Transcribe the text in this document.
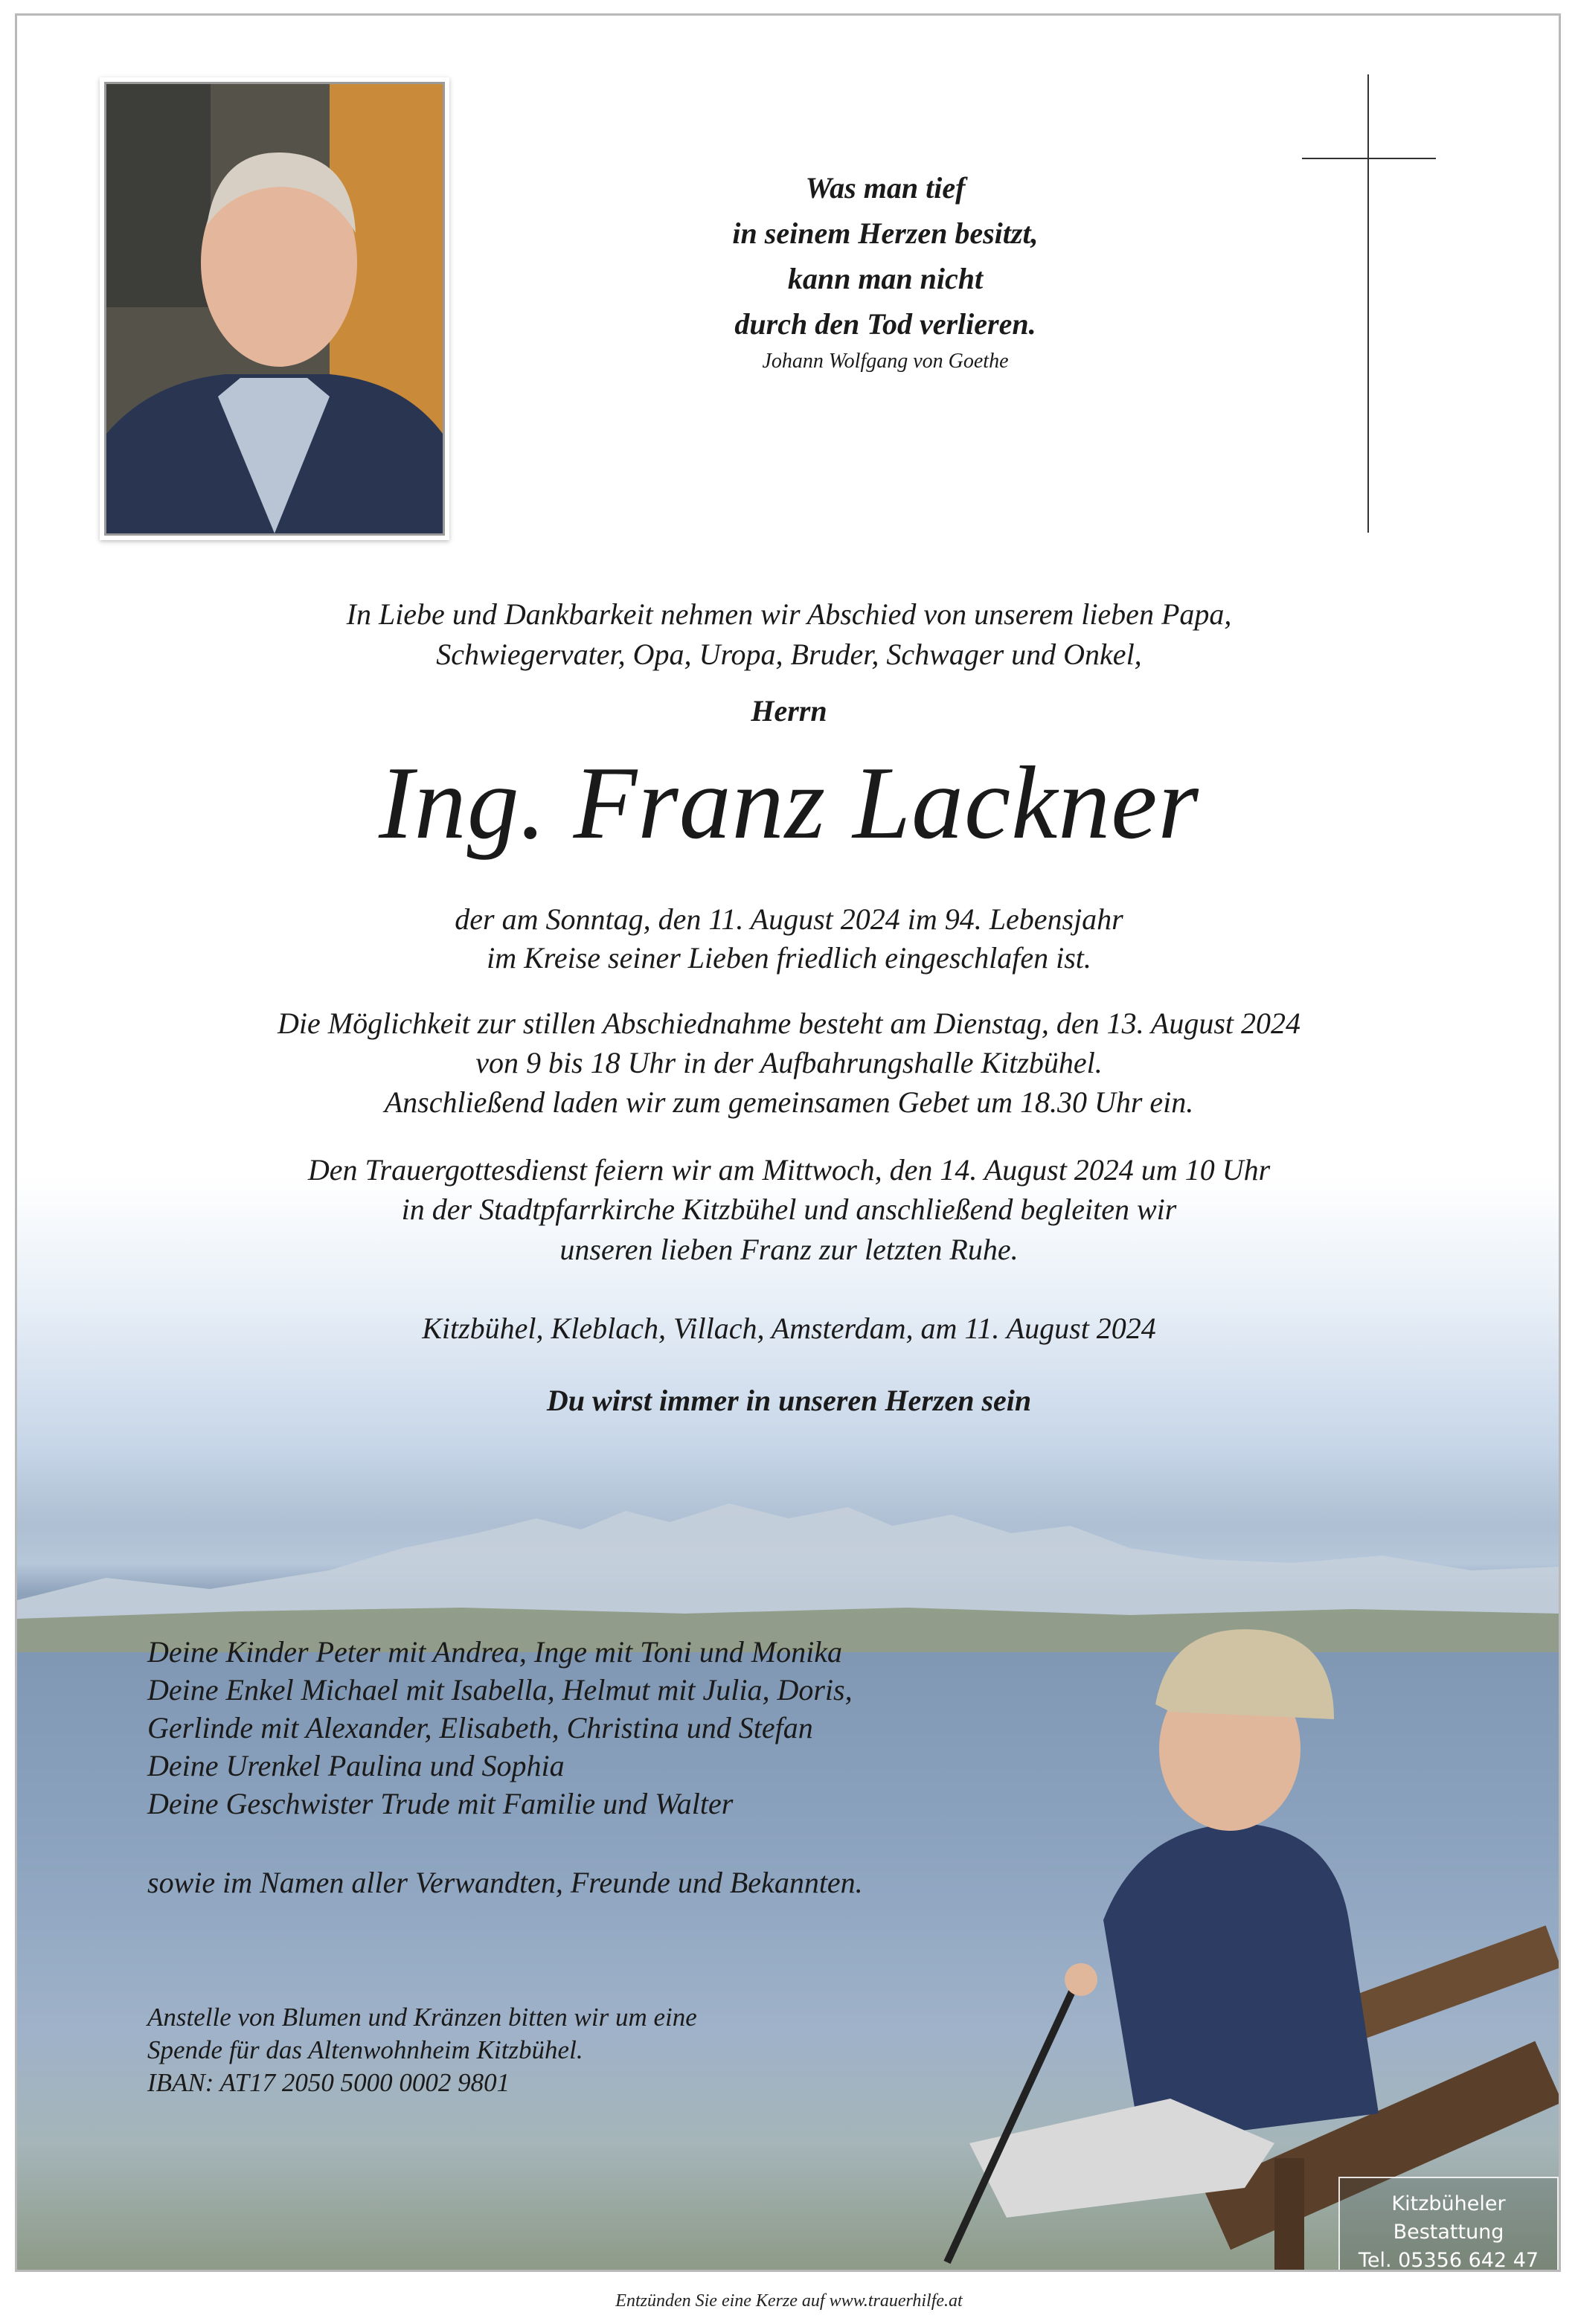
Kitzbüheler Bestattung
Tel. 05356 642 47
Was man tief
in seinem Herzen besitzt,
kann man nicht
durch den Tod verlieren.
Johann Wolfgang von Goethe
In Liebe und Dankbarkeit nehmen wir Abschied von unserem lieben Papa,
Schwiegervater, Opa, Uropa, Bruder, Schwager und Onkel,
Herrn
Ing. Franz Lackner
der am Sonntag, den 11. August 2024 im 94. Lebensjahr
im Kreise seiner Lieben friedlich eingeschlafen ist.
Die Möglichkeit zur stillen Abschiednahme besteht am Dienstag, den 13. August 2024
von 9 bis 18 Uhr in der Aufbahrungshalle Kitzbühel.
Anschließend laden wir zum gemeinsamen Gebet um 18.30 Uhr ein.
Den Trauergottesdienst feiern wir am Mittwoch, den 14. August 2024 um 10 Uhr
in der Stadtpfarrkirche Kitzbühel und anschließend begleiten wir
unseren lieben Franz zur letzten Ruhe.
Kitzbühel, Kleblach, Villach, Amsterdam, am 11. August 2024
Du wirst immer in unseren Herzen sein
Deine Kinder Peter mit Andrea, Inge mit Toni und Monika
Deine Enkel Michael mit Isabella, Helmut mit Julia, Doris,
Gerlinde mit Alexander, Elisabeth, Christina und Stefan
Deine Urenkel Paulina und Sophia
Deine Geschwister Trude mit Familie und Walter
sowie im Namen aller Verwandten, Freunde und Bekannten.
Anstelle von Blumen und Kränzen bitten wir um eine
Spende für das Altenwohnheim Kitzbühel.
IBAN: AT17 2050 5000 0002 9801
Entzünden Sie eine Kerze auf www.trauerhilfe.at
